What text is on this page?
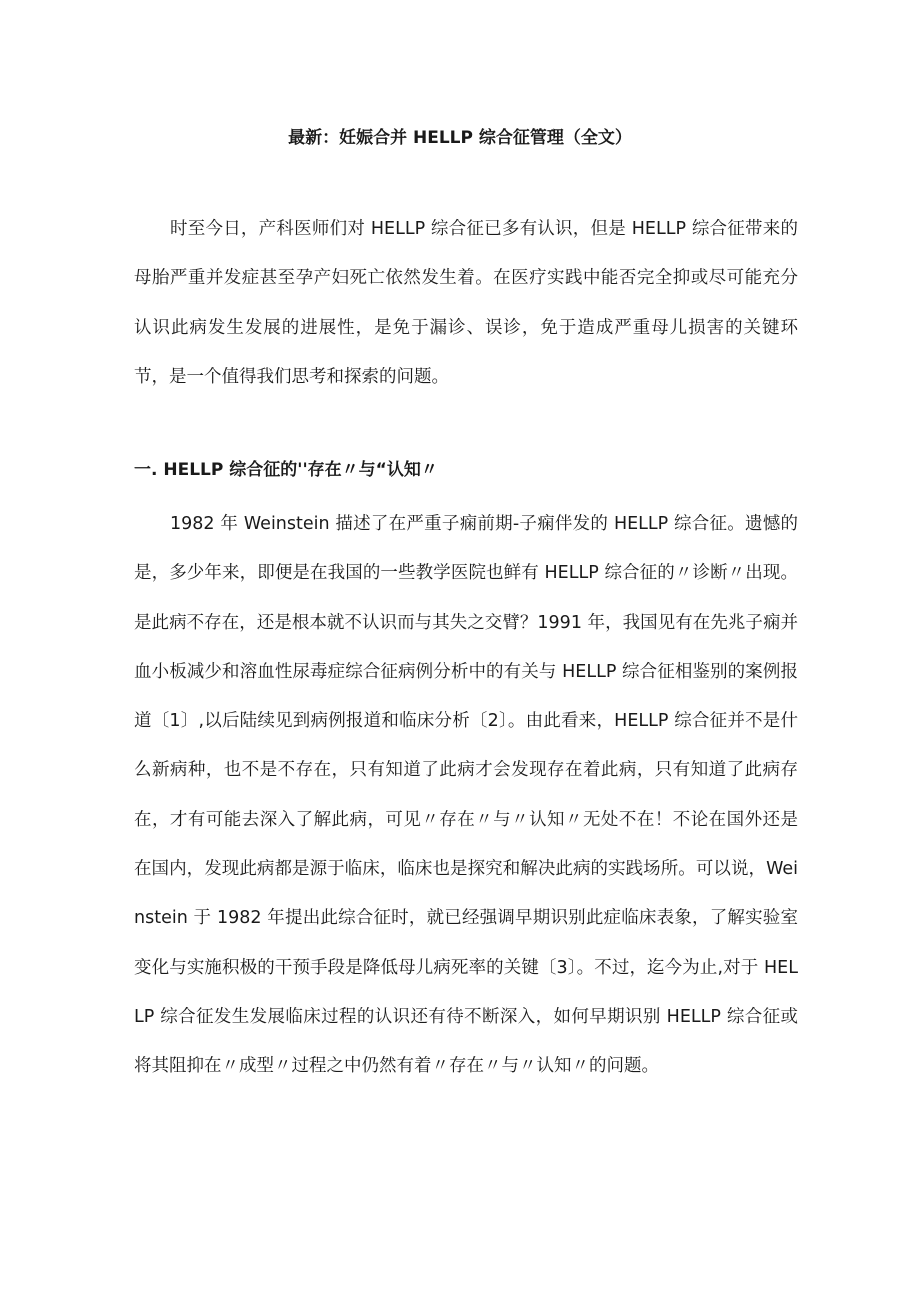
最新：妊娠合并 HELLP 综合征管理（全文）

时至今日，产科医师们对 HELLP 综合征已多有认识，但是 HELLP 综合征带来的母胎严重并发症甚至孕产妇死亡依然发生着。在医疗实践中能否完全抑或尽可能充分认识此病发生发展的进展性，是免于漏诊、误诊，免于造成严重母儿损害的关键环节，是一个值得我们思考和探索的问题。

一. HELLP 综合征的''存在〃与“认知〃

1982 年 Weinstein 描述了在严重子痫前期-子痫伴发的 HELLP 综合征。遗憾的是，多少年来，即便是在我国的一些教学医院也鲜有 HELLP 综合征的〃诊断〃出现。是此病不存在，还是根本就不认识而与其失之交臂？1991 年，我国见有在先兆子痫并血小板减少和溶血性尿毒症综合征病例分析中的有关与 HELLP 综合征相鉴别的案例报道〔1〕,以后陆续见到病例报道和临床分析〔2〕。由此看来，HELLP 综合征并不是什么新病种，也不是不存在，只有知道了此病才会发现存在着此病，只有知道了此病存在，才有可能去深入了解此病，可见〃存在〃与〃认知〃无处不在！不论在国外还是在国内，发现此病都是源于临床，临床也是探究和解决此病的实践场所。可以说，Weinstein 于 1982 年提出此综合征时，就已经强调早期识别此症临床表象，了解实验室变化与实施积极的干预手段是降低母儿病死率的关键〔3〕。不过，迄今为止,对于 HELLP 综合征发生发展临床过程的认识还有待不断深入，如何早期识别 HELLP 综合征或将其阻抑在〃成型〃过程之中仍然有着〃存在〃与〃认知〃的问题。
